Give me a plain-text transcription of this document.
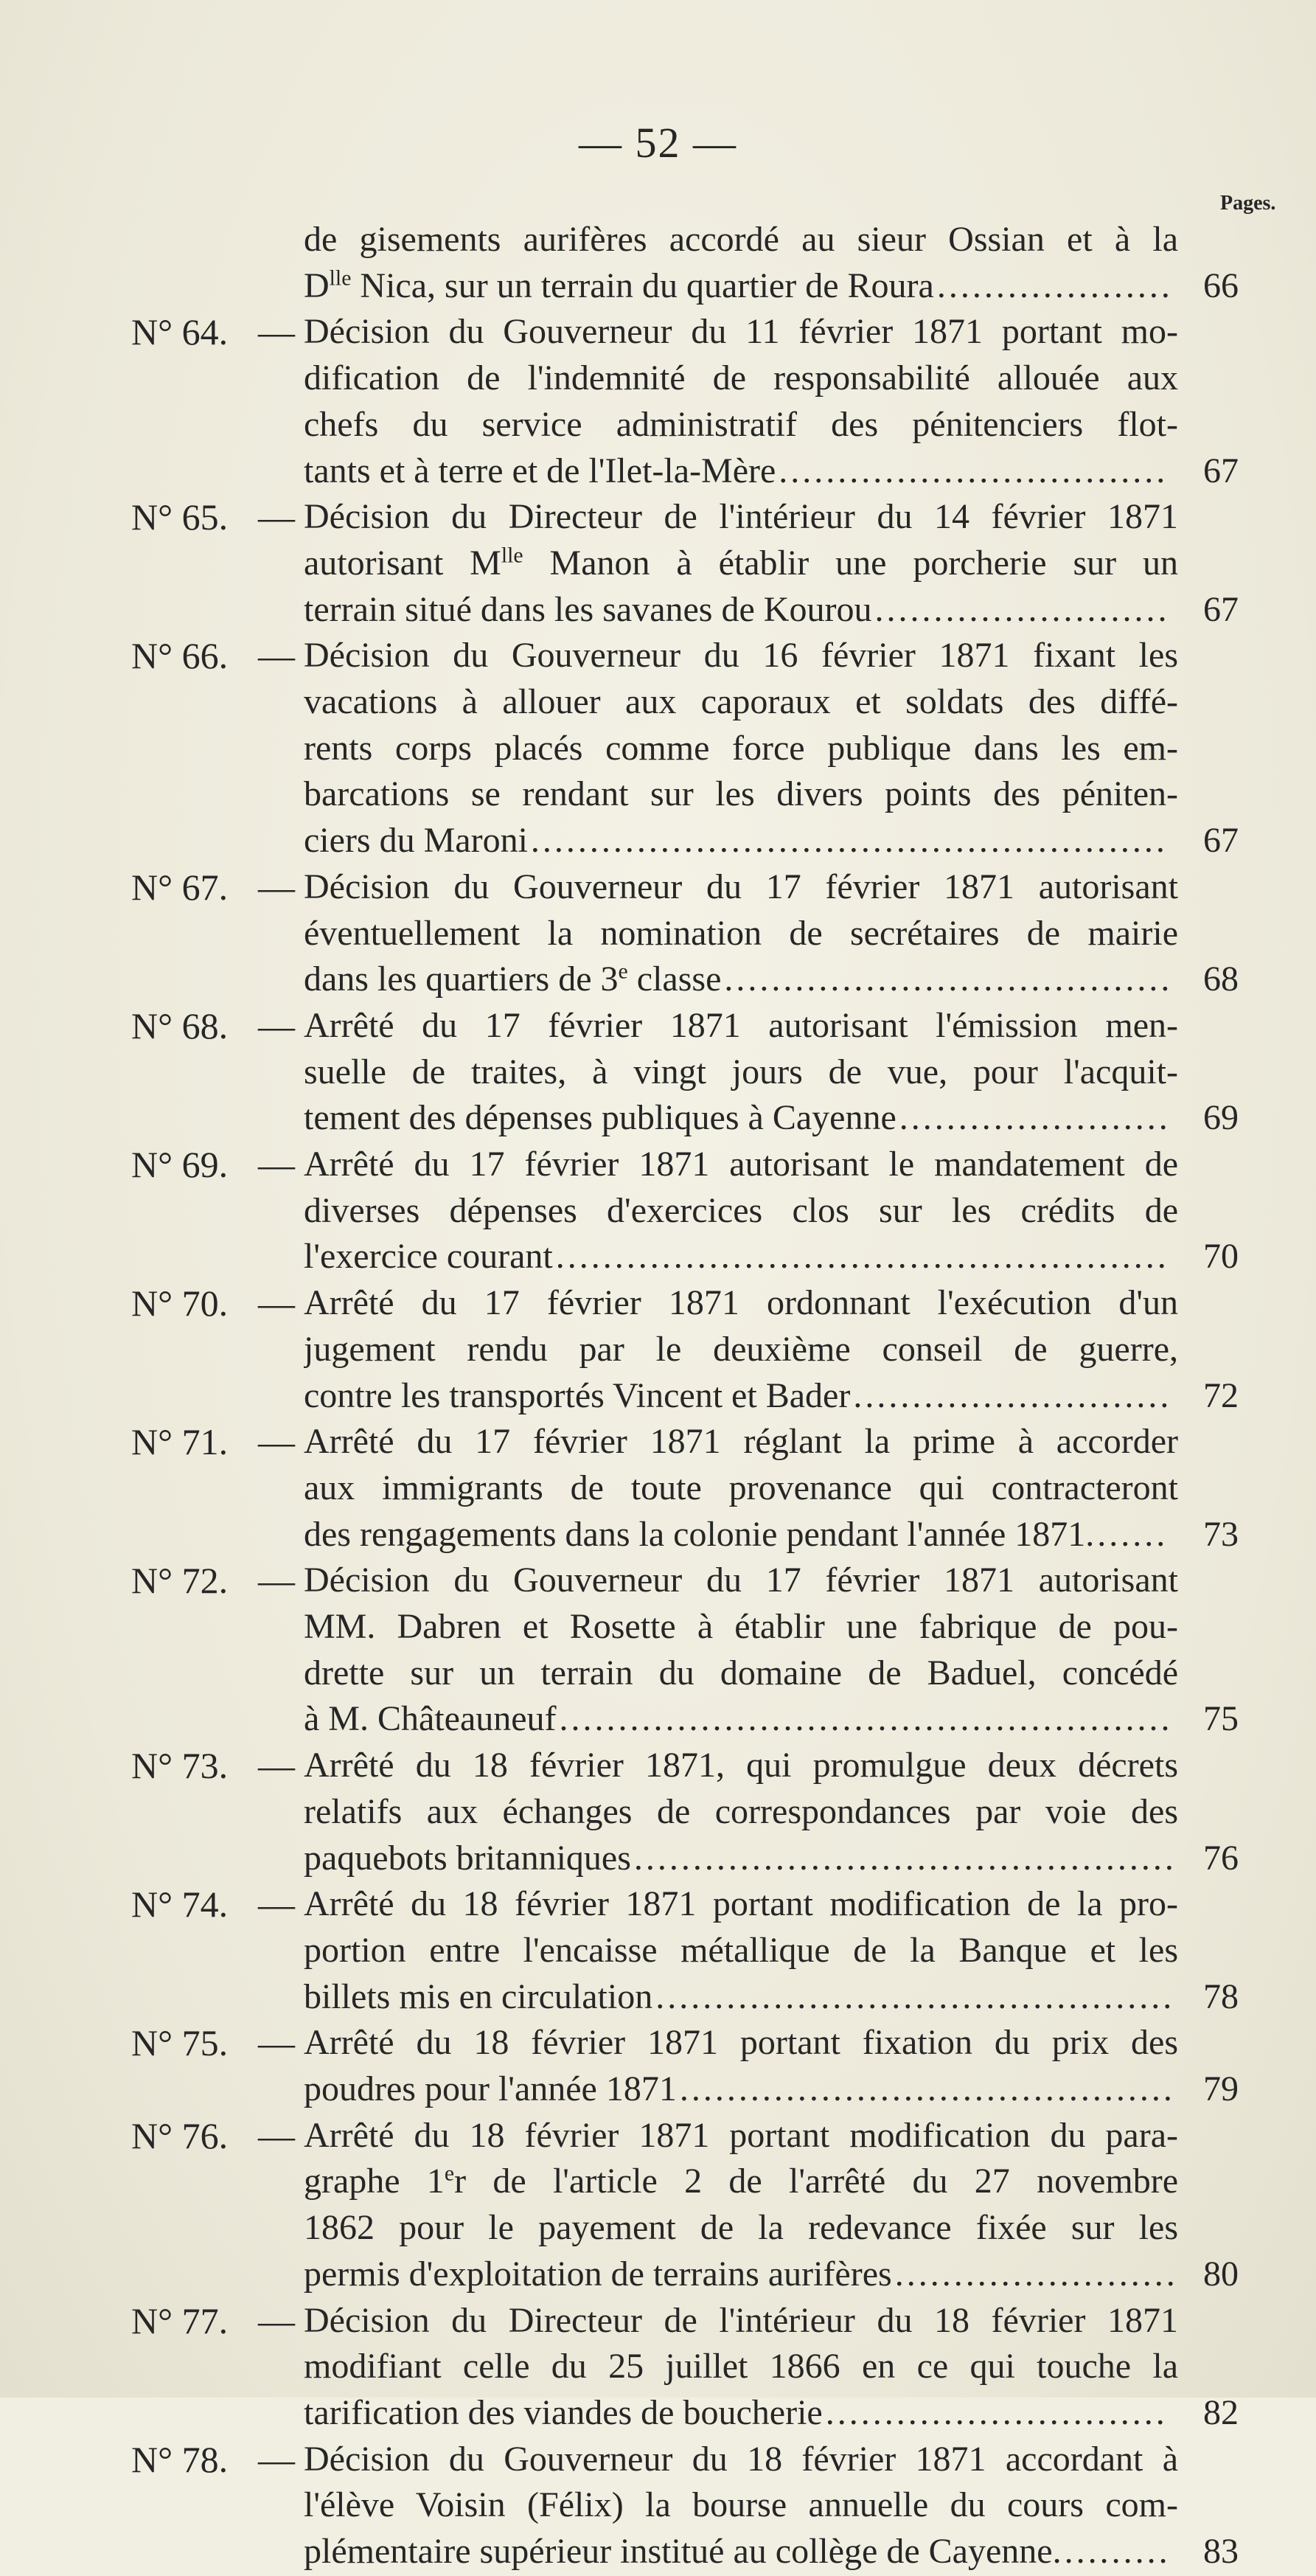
— 52 —
Pages.
de gisements aurifères accordé au sieur Ossian et à la
$D^{lle}$ Nica, sur un terrain du quartier de Roura .................... 66
N° 64. — Décision du Gouverneur du 11 février 1871 portant mo-
dification de l'indemnité de responsabilité allouée aux
chefs du service administratif des pénitenciers flot-
tants et à terre et de l'Ilet-la-Mère ................................. 67
N° 65. — Décision du Directeur de l'intérieur du 14 février 1871
autorisant $M^{lle}$ Manon à établir une porcherie sur un
terrain situé dans les savanes de Kourou ......................... 67
N° 66. — Décision du Gouverneur du 16 février 1871 fixant les
vacations à allouer aux caporaux et soldats des diffé-
rents corps placés comme force publique dans les em-
barcations se rendant sur les divers points des péniten-
ciers du Maroni ......................................................	67
N° 67. — Décision du Gouverneur du 17 février 1871 autorisant
éventuellement la nomination de secrétaires de mairie
dans les quartiers de 3e classe ...................................... 68
N° 68. — Arrêté du 17 février 1871 autorisant l'émission men-
suelle de traites, à vingt jours de vue, pour l'acquit-
tement des dépenses publiques à Cayenne ....................... 69
N° 69. — Arrêté du 17 février 1871 autorisant le mandatement de
diverses dépenses d'exercices clos sur les crédits de
l'exercice courant .................................................... 70
N° 70. — Arrêté du 17 février 1871 ordonnant l'exécution d'un
jugement rendu par le deuxième conseil de guerre,
contre les transportés Vincent et Bader ........................... 72
N° 71. — Arrêté du 17 février 1871 réglant la prime à accorder
aux immigrants de toute provenance qui contracteront
des rengagements dans la colonie pendant l'année 1871. ...... 73
N° 72. — Décision du Gouverneur du 17 février 1871 autorisant
MM. Dabren et Rosette à établir une fabrique de pou-
drette sur un terrain du domaine de Baduel, concédé
à M. Châteauneuf .................................................... 75
N° 73. — Arrêté du 18 février 1871, qui promulgue deux décrets
relatifs aux échanges de correspondances par voie des
paquebots britanniques .............................................. 76
N° 74. — Arrêté du 18 février 1871 portant modification de la pro-
portion entre l'encaisse métallique de la Banque et les
billets mis en circulation ............................................ 78
N° 75. — Arrêté du 18 février 1871 portant fixation du prix des
poudres pour l'année 1871 .......................................... 79
N° 76. — Arrêté du 18 février 1871 portant modification du para-
graphe 1er de l'article 2 de l'arrêté du 27 novembre
1862 pour le payement de la redevance fixée sur les
permis d'exploitation de terrains aurifères ........................ 80
N° 77. — Décision du Directeur de l'intérieur du 18 février 1871
modifiant celle du 25 juillet 1866 en ce qui touche la
tarification des viandes de boucherie .............................	82
N° 78. — Décision du Gouverneur du 18 février 1871 accordant à
l'élève Voisin (Félix) la bourse annuelle du cours com-
plémentaire supérieur institué au collège de Cayenne. ......... 83
